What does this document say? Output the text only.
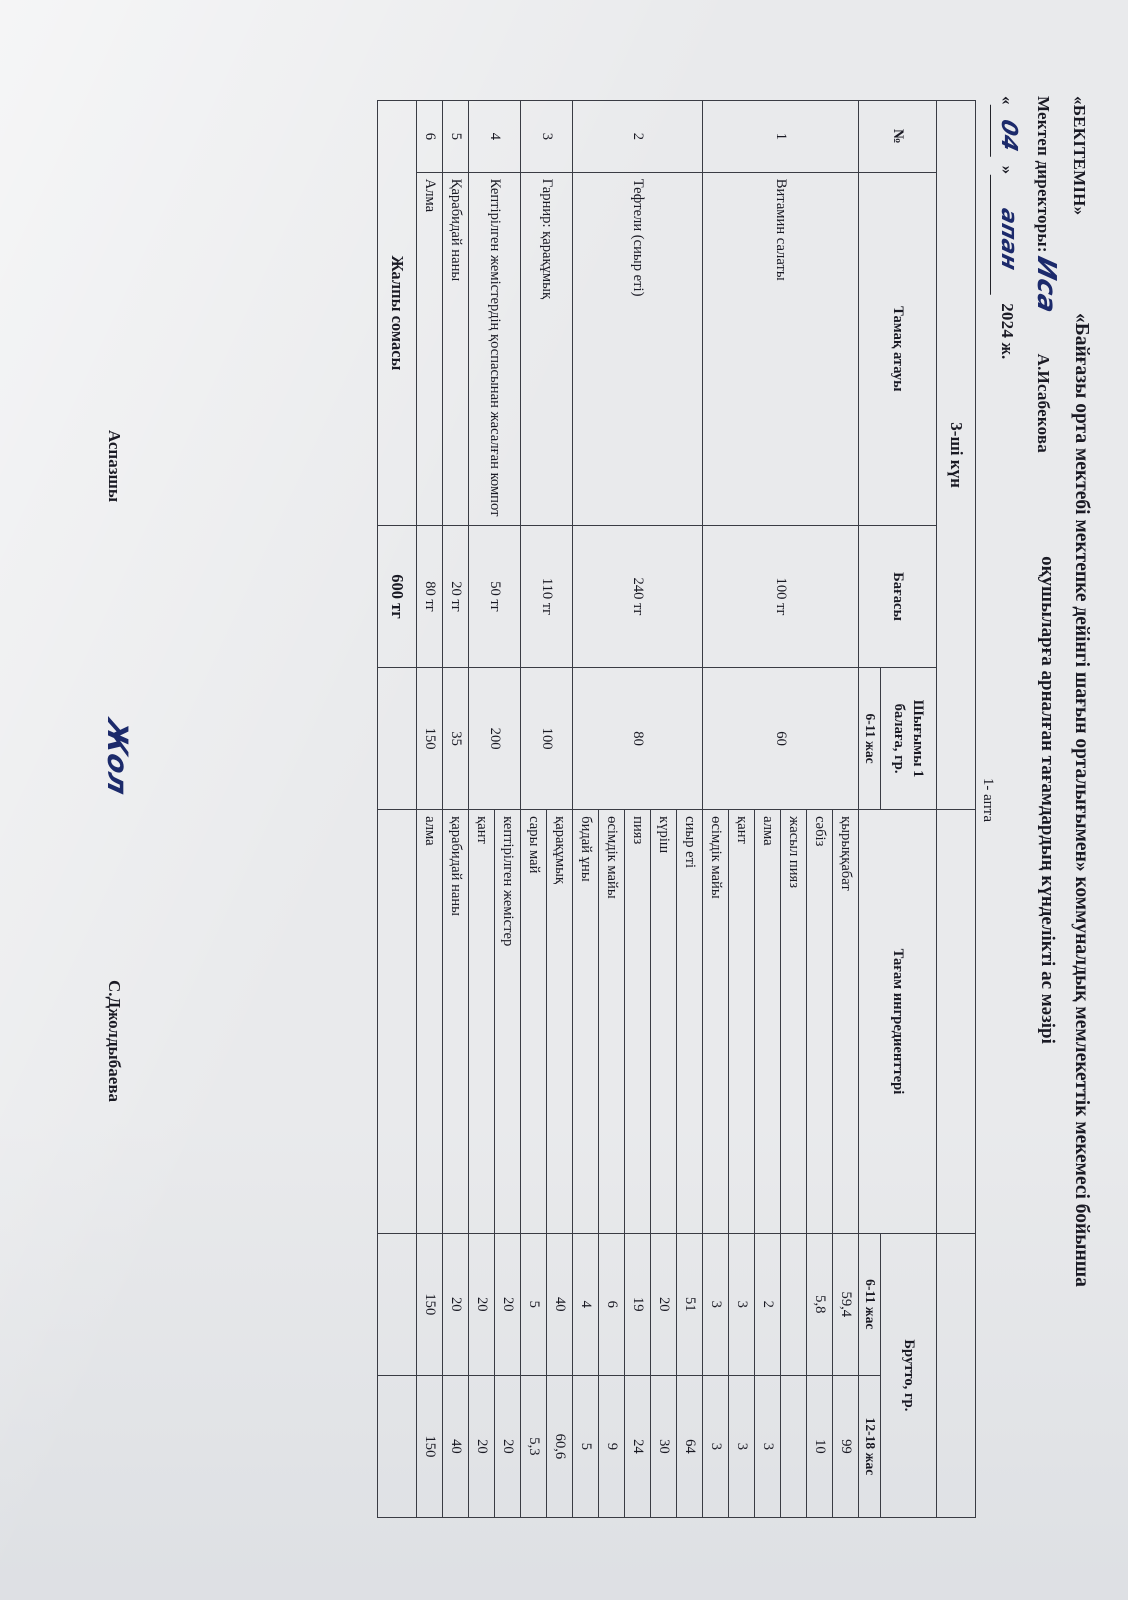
«БЕКІТЕМІН»
Мектеп директоры: Иса А.Исабекова
« 04 » апан 2024 ж.	«Байғазы орта мектебі мектепке дейінгі шағын орталығымен» коммуналдық мемлекеттік мекемесі бойынша
оқушыларға арналған тағамдардың күнделікті ас мәзірі
1- апта
3-ші күн						
№	Тамақ атауы	Бағасы	Шығымы 1 балаға, гр.	Тағам ингредиенттері	Брутто, гр.	
			6-11 жас		6-11 жас	12-18 жас
1	Витамин салаты	100 тг	60	қырыққабат	59,4	99
				сәбіз	5,8	10
				жасыл пияз		
				алма	2	3
				қант	3	3
				өсімдік майы	3	3
2	Тефтели (сиыр еті)	240 тг	80	сиыр еті	51	64
				күріш	20	30
				пияз	19	24
				өсімдік майы	6	9
				бидай ұны	4	5
3	Гарнир: қарақұмық	110 тг	100	қарақұмық	40	60,6
				сары май	5	5,3
4	Кептірілген жемістердің қоспасынан жасалған компот	50 тг	200	кептірілген жемістер	20	20
				қант	20	20
5	Қарабидай наны	20 тг	35	қарабидай наны	20	40
6	Алма	80 тг	150	алма	150	150
Жалпы сомасы		600 тг				
Аспазшы
Жол
С.Джолдыбаева
